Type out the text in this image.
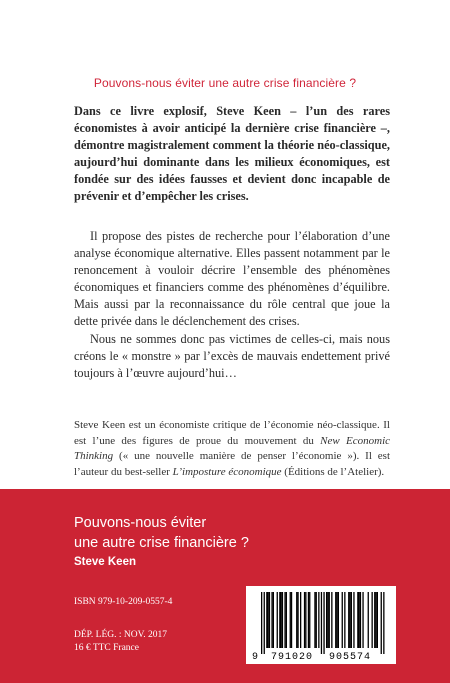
Pouvons-nous éviter une autre crise financière ?
Dans ce livre explosif, Steve Keen – l’un des rares économistes à avoir anticipé la dernière crise financière –, démontre magistralement comment la théorie néo-classique, aujourd’hui dominante dans les milieux économiques, est fondée sur des idées fausses et devient donc incapable de prévenir et d’empêcher les crises.

Il propose des pistes de recherche pour l’élaboration d’une analyse économique alternative. Elles passent notamment par le renoncement à vouloir décrire l’ensemble des phénomènes économiques et financiers comme des phénomènes d’équilibre. Mais aussi par la reconnaissance du rôle central que joue la dette privée dans le déclenchement des crises.

Nous ne sommes donc pas victimes de celles-ci, mais nous créons le « monstre » par l’excès de mauvais endettement privé toujours à l’œuvre aujourd’hui…

Steve Keen est un économiste critique de l’économie néo-classique. Il est l’une des figures de proue du mouvement du New Economic Thinking (« une nouvelle manière de penser l’économie »). Il est l’auteur du best-seller L’imposture économique (Éditions de l’Atelier).
Pouvons-nous éviter
une autre crise financière ?
Steve Keen
ISBN 979-10-209-0557-4
DÉP. LÉG. : NOV. 2017
16 € TTC France
9 791020 905574
